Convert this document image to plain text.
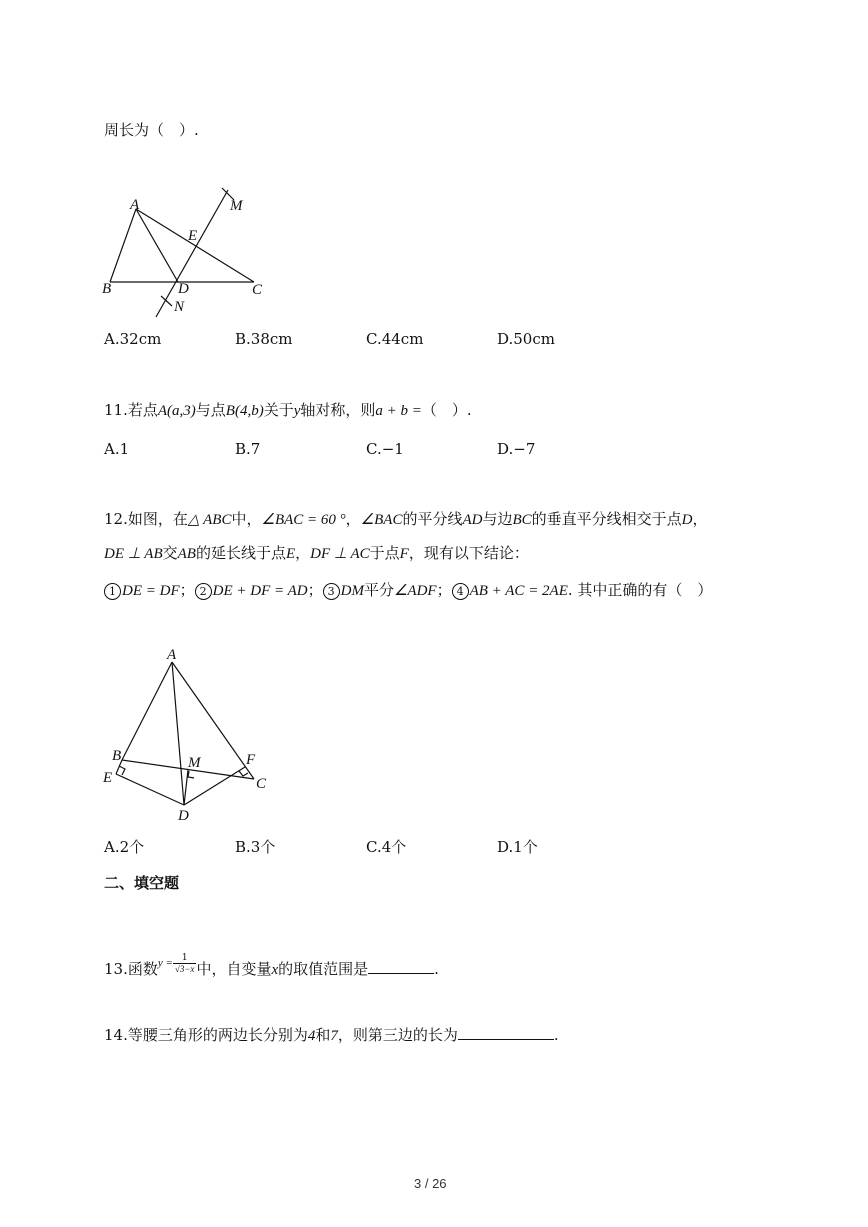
周长为（　）.
A
B	C
D
E
M
N
A.32cm	B.38cm	C.44cm	D.50cm
11.若点A(a,3)与点B(4,b)关于y轴对称，则a + b =（　）.
A.1	B.7	C.−1	D.−7
12.如图，在△ ABC中，∠BAC = 60 °，∠BAC的平分线AD与边BC的垂直平分线相交于点D，
DE ⊥ AB交AB的延长线于点E，DF ⊥ AC于点F，现有以下结论：
1 DE = DF； 2 DE + DF = AD； 3 DM平分∠ADF； 4 AB + AC = 2AE. 其中正确的有（　）
A
B
C
D
E
F
M
A.2个	B.3个	C.4个	D.1个
二、填空题
13.函数$^{y =} \frac{1}{√3-x}$ 中，自变量x的取值范围是	.
14.等腰三角形的两边长分别为4和7，则第三边的长为	.
3 / 26
